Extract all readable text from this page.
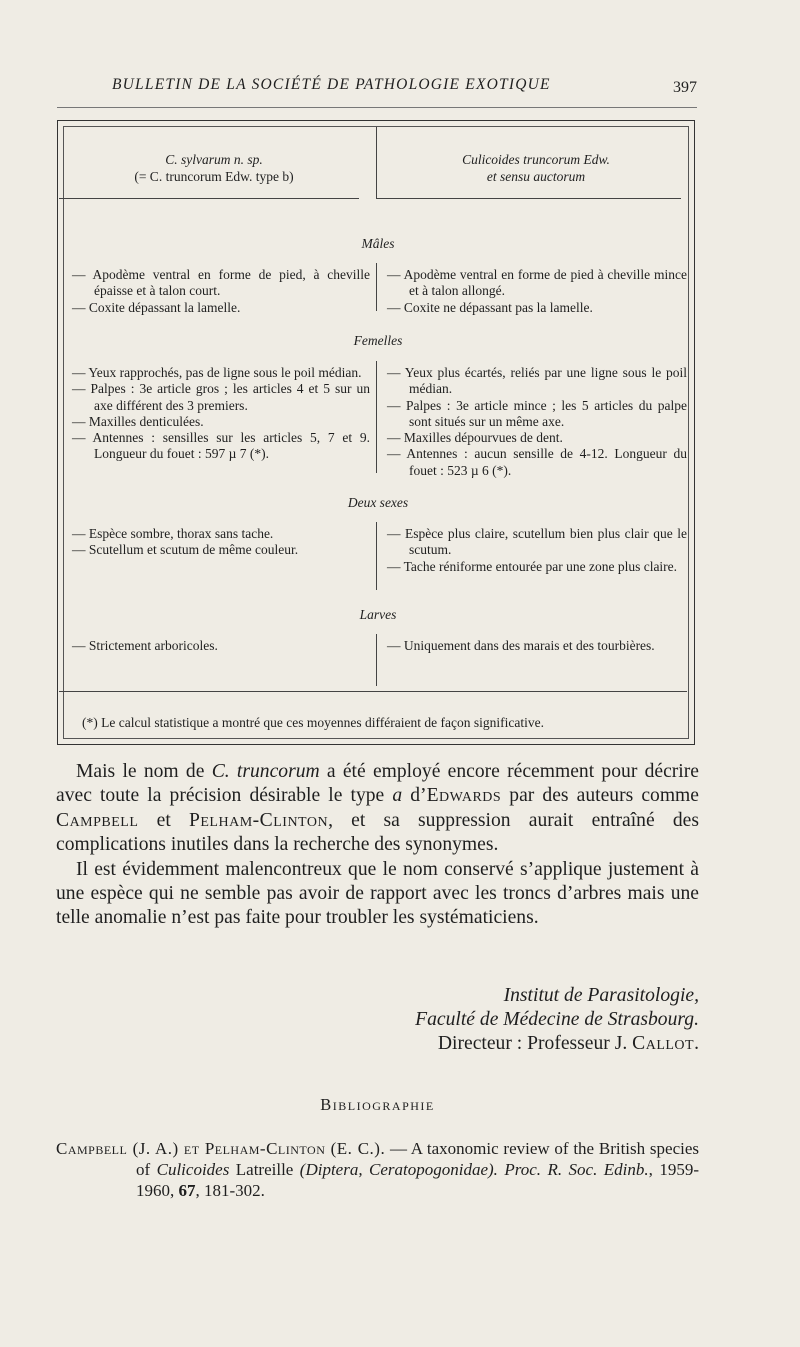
BULLETIN DE LA SOCIÉTÉ DE PATHOLOGIE EXOTIQUE	397
C. sylvarum n. sp.
(= C. truncorum Edw. type b)
Culicoides truncorum Edw.
et sensu auctorum
Mâles

— Apodème ventral en forme de pied, à cheville épaisse et à talon court.

— Coxite dépassant la lamelle.

— Apodème ventral en forme de pied à cheville mince et à talon allongé.

— Coxite ne dépassant pas la lamelle.

Femelles

— Yeux rapprochés, pas de ligne sous le poil médian.

— Palpes : 3e article gros ; les articles 4 et 5 sur un axe différent des 3 premiers.

— Maxilles denticulées.

— Antennes : sensilles sur les articles 5, 7 et 9. Longueur du fouet : 597 µ 7 (*).

— Yeux plus écartés, reliés par une ligne sous le poil médian.

— Palpes : 3e article mince ; les 5 articles du palpe sont situés sur un même axe.

— Maxilles dépourvues de dent.

— Antennes : aucun sensille de 4-12. Longueur du fouet : 523 µ 6 (*).

Deux sexes

— Espèce sombre, thorax sans tache.

— Scutellum et scutum de même couleur.

— Espèce plus claire, scutellum bien plus clair que le scutum.

— Tache réniforme entourée par une zone plus claire.

Larves

— Strictement arboricoles.	— Uniquement dans des marais et des tourbières.

(*) Le calcul statistique a montré que ces moyennes différaient de façon significative.

Mais le nom de C. truncorum a été employé encore récemment pour décrire avec toute la précision désirable le type a d’Edwards par des auteurs comme Campbell et Pelham-Clinton, et sa suppression aurait entraîné des complications inutiles dans la recherche des synonymes.

Il est évidemment malencontreux que le nom conservé s’applique justement à une espèce qui ne semble pas avoir de rapport avec les troncs d’arbres mais une telle anomalie n’est pas faite pour troubler les systématiciens.

Institut de Parasitologie,
Faculté de Médecine de Strasbourg.
Directeur : Professeur J. Callot.
Bibliographie
Campbell (J. A.) et Pelham-Clinton (E. C.). — A taxonomic review of the British species of Culicoides Latreille (Diptera, Ceratopogonidae). Proc. R. Soc. Edinb., 1959-1960, 67, 181-302.
